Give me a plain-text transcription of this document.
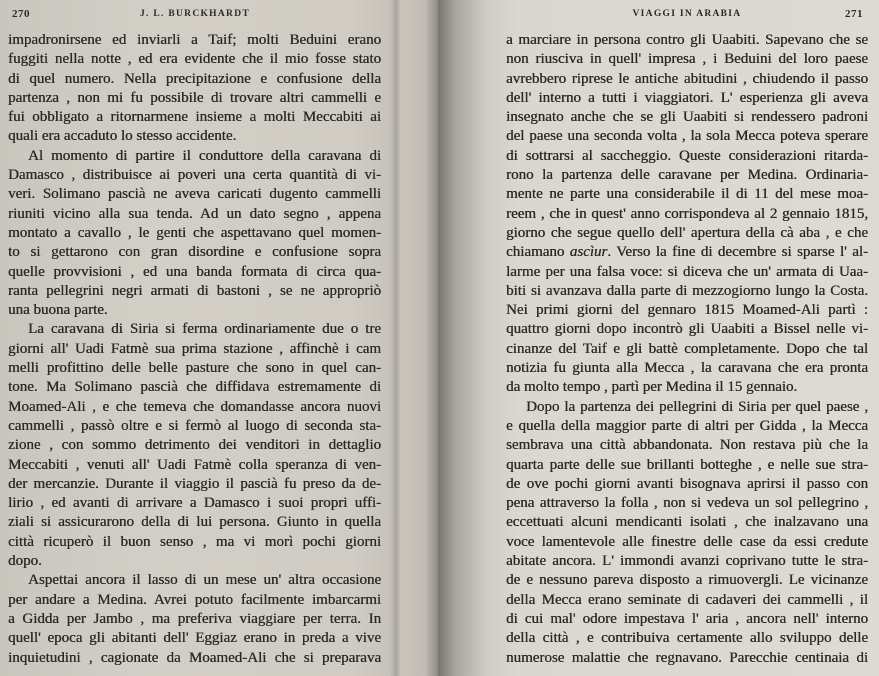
270	J. L. BURCKHARDT
impadronirsene ed inviarli a Taif; molti Beduini erano
fuggiti nella notte , ed era evidente che il mio fosse stato
di quel numero. Nella precipitazione e confusione della
partenza , non mi fu possibile di trovare altri cammelli e
fui obbligato a ritornarmene insieme a molti Meccabiti ai
quali era accaduto lo stesso accidente.
Al momento di partire il conduttore della caravana di
Damasco , distribuisce ai poveri una certa quantità di vi-
veri. Solimano pascià ne aveva caricati dugento cammelli
riuniti vicino alla sua tenda. Ad un dato segno , appena
montato a cavallo , le genti che aspettavano quel momen-
to si gettarono con gran disordine e confusione sopra
quelle provvisioni , ed una banda formata di circa qua-
ranta pellegrini negri armati di bastoni , se ne appropriò
una buona parte.
La caravana di Siria si ferma ordinariamente due o tre
giorni all' Uadi Fatmè sua prima stazione , affinchè i cam
melli profittino delle belle pasture che sono in quel can-
tone. Ma Solimano pascià che diffidava estremamente di
Moamed-Ali , e che temeva che domandasse ancora nuovi
cammelli , passò oltre e si fermò al luogo di seconda sta-
zione , con sommo detrimento dei venditori in dettaglio
Meccabiti , venuti all' Uadi Fatmè colla speranza di ven-
der mercanzie. Durante il viaggio il pascià fu preso da de-
lirio , ed avanti di arrivare a Damasco i suoi propri uffi-
ziali si assicurarono della di lui persona. Giunto in quella
città ricuperò il buon senso , ma vi morì pochi giorni
dopo.
Aspettai ancora il lasso di un mese un' altra occasione
per andare a Medina. Avrei potuto facilmente imbarcarmi
a Gidda per Jambo , ma preferiva viaggiare per terra. In
quell' epoca gli abitanti dell' Eggiaz erano in preda a vive
inquietudini , cagionate da Moamed-Ali che si preparava
VIAGGI IN ARABIA	271
a marciare in persona contro gli Uaabiti. Sapevano che se
non riusciva in quell' impresa , i Beduini del loro paese
avrebbero riprese le antiche abitudini , chiudendo il passo
dell' interno a tutti i viaggiatori. L' esperienza gli aveva
insegnato anche che se gli Uaabiti si rendessero padroni
del paese una seconda volta , la sola Mecca poteva sperare
di sottrarsi al saccheggio. Queste considerazioni ritarda-
rono la partenza delle caravane per Medina. Ordinaria-
mente ne parte una considerabile il di 11 del mese moa-
reem , che in quest' anno corrispondeva al 2 gennaio 1815,
giorno che segue quello dell' apertura della cà aba , e che
chiamano ascìur. Verso la fine di decembre si sparse l' al-
larme per una falsa voce: si diceva che un' armata di Uaa-
biti si avanzava dalla parte di mezzogiorno lungo la Costa.
Nei primi giorni del gennaro 1815 Moamed-Ali partì :
quattro giorni dopo incontrò gli Uaabiti a Bissel nelle vi-
cinanze del Taif e gli battè completamente. Dopo che tal
notizia fu giunta alla Mecca , la caravana che era pronta
da molto tempo , partì per Medina il 15 gennaio.
Dopo la partenza dei pellegrini di Siria per quel paese ,
e quella della maggior parte di altri per Gidda , la Mecca
sembrava una città abbandonata. Non restava più che la
quarta parte delle sue brillanti botteghe , e nelle sue stra-
de ove pochi giorni avanti bisognava aprirsi il passo con
pena attraverso la folla , non si vedeva un sol pellegrino ,
eccettuati alcuni mendicanti isolati , che inalzavano una
voce lamentevole alle finestre delle case da essi credute
abitate ancora. L' immondi avanzi coprivano tutte le stra-
de e nessuno pareva disposto a rimuovergli. Le vicinanze
della Mecca erano seminate di cadaveri dei cammelli , il
di cui mal' odore impestava l' aria , ancora nell' interno
della città , e contribuiva certamente allo sviluppo delle
numerose malattie che regnavano. Parecchie centinaia di
